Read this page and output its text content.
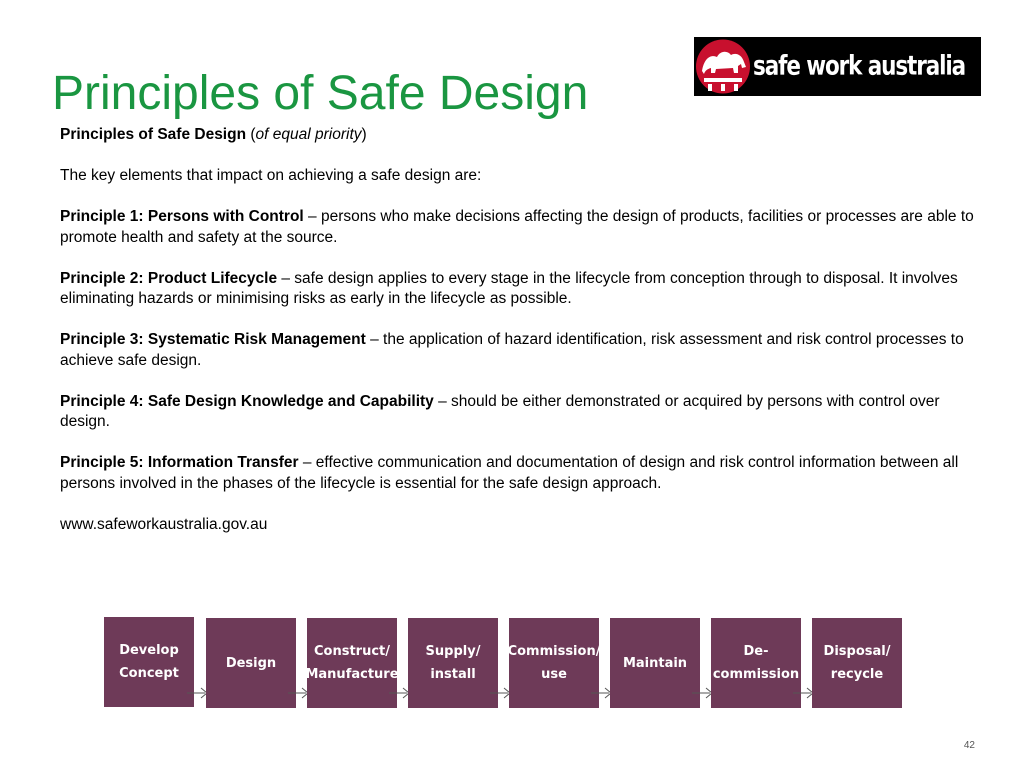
Principles of Safe Design
safe work australia

Principles of Safe Design (of equal priority)

The key elements that impact on achieving a safe design are:

Principle 1: Persons with Control – persons who make decisions affecting the design of products, facilities or processes are able to promote health and safety at the source.

Principle 2: Product Lifecycle – safe design applies to every stage in the lifecycle from conception through to disposal. It involves eliminating hazards or minimising risks as early in the lifecycle as possible.

Principle 3: Systematic Risk Management – the application of hazard identification, risk assessment and risk control processes to achieve safe design.

Principle 4: Safe Design Knowledge and Capability – should be either demonstrated or acquired by persons with control over design.

Principle 5: Information Transfer – effective communication and documentation of design and risk control information between all persons involved in the phases of the lifecycle is essential for the safe design approach.

www.safeworkaustralia.gov.au

Develop
Concept
Design
Construct/
Manufacture
Supply/
install
Commission/
use
Maintain
De-
commission
Disposal/
recycle
42
